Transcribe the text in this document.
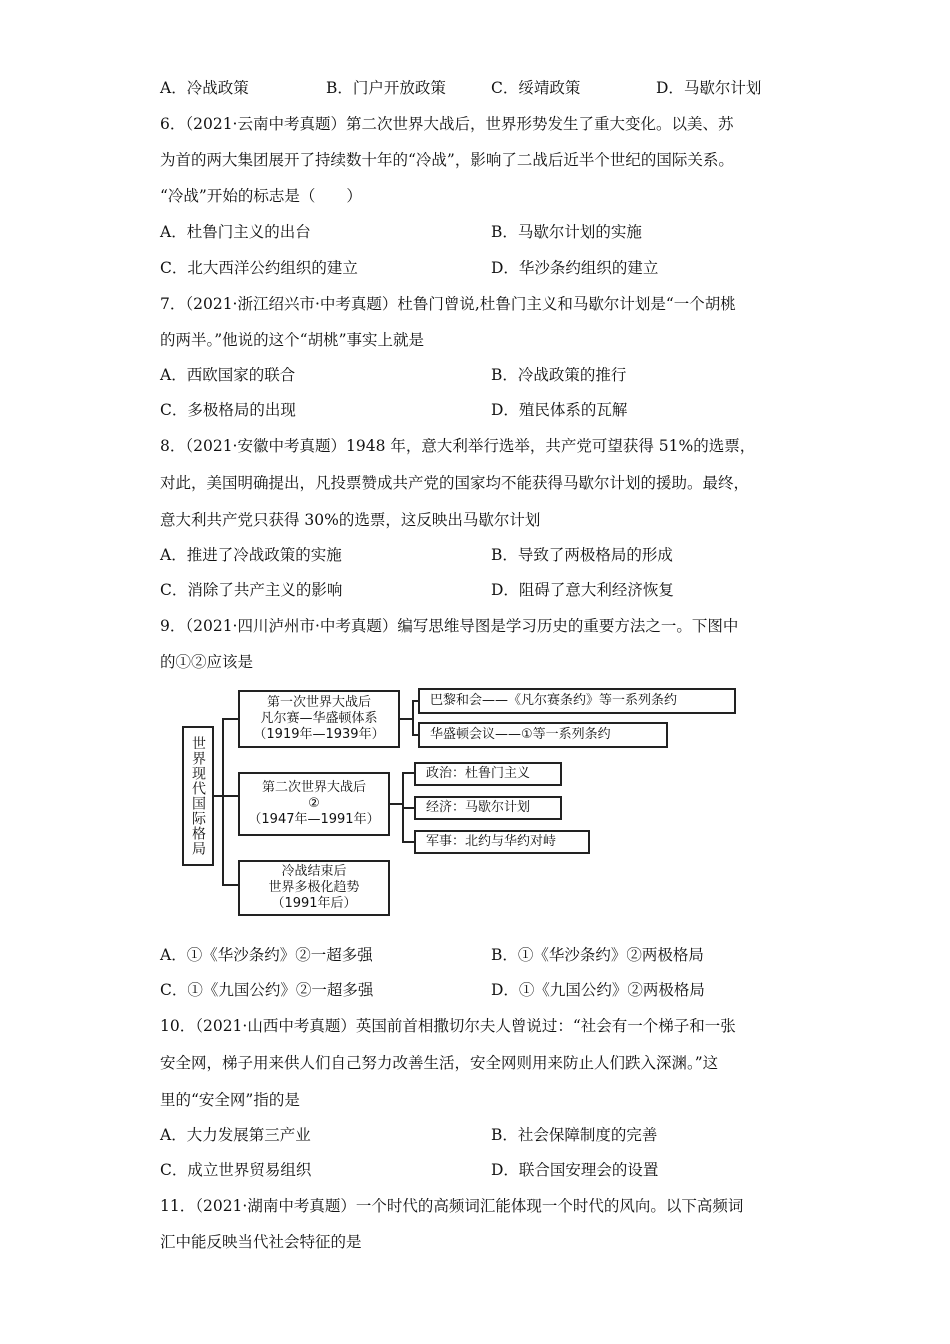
A．冷战政策	B．门户开放政策	C．绥靖政策	D．马歇尔计划
6．（2021·云南中考真题）第二次世界大战后，世界形势发生了重大变化。以美、苏
为首的两大集团展开了持续数十年的“冷战”，影响了二战后近半个世纪的国际关系。
“冷战”开始的标志是（　　）
A．杜鲁门主义的出台	B．马歇尔计划的实施
C．北大西洋公约组织的建立	D．华沙条约组织的建立
7．（2021·浙江绍兴市·中考真题）杜鲁门曾说,杜鲁门主义和马歇尔计划是“一个胡桃
的两半。”他说的这个“胡桃”事实上就是
A．西欧国家的联合	B．冷战政策的推行
C．多极格局的出现	D．殖民体系的瓦解
8．（2021·安徽中考真题）1948 年，意大利举行选举，共产党可望获得 51%的选票，
对此，美国明确提出，凡投票赞成共产党的国家均不能获得马歇尔计划的援助。最终，
意大利共产党只获得 30%的选票，这反映出马歇尔计划
A．推进了冷战政策的实施	B．导致了两极格局的形成
C．消除了共产主义的影响	D．阻碍了意大利经济恢复
9．（2021·四川泸州市·中考真题）编写思维导图是学习历史的重要方法之一。下图中
的①②应该是
世界现代国际格局
第一次世界大战后
凡尔赛—华盛顿体系
（1919年—1939年）
巴黎和会——《凡尔赛条约》等一系列条约
华盛顿会议——①等一系列条约
第二次世界大战后
②
（1947年—1991年）
政治：杜鲁门主义
经济：马歇尔计划
军事：北约与华约对峙
冷战结束后
世界多极化趋势
（1991年后）
A．①《华沙条约》②一超多强	B．①《华沙条约》②两极格局
C．①《九国公约》②一超多强	D．①《九国公约》②两极格局
10．（2021·山西中考真题）英国前首相撒切尔夫人曾说过：“社会有一个梯子和一张
安全网，梯子用来供人们自己努力改善生活，安全网则用来防止人们跌入深渊。”这
里的“安全网”指的是
A．大力发展第三产业	B．社会保障制度的完善
C．成立世界贸易组织	D．联合国安理会的设置
11．（2021·湖南中考真题）一个时代的高频词汇能体现一个时代的风向。以下高频词
汇中能反映当代社会特征的是
